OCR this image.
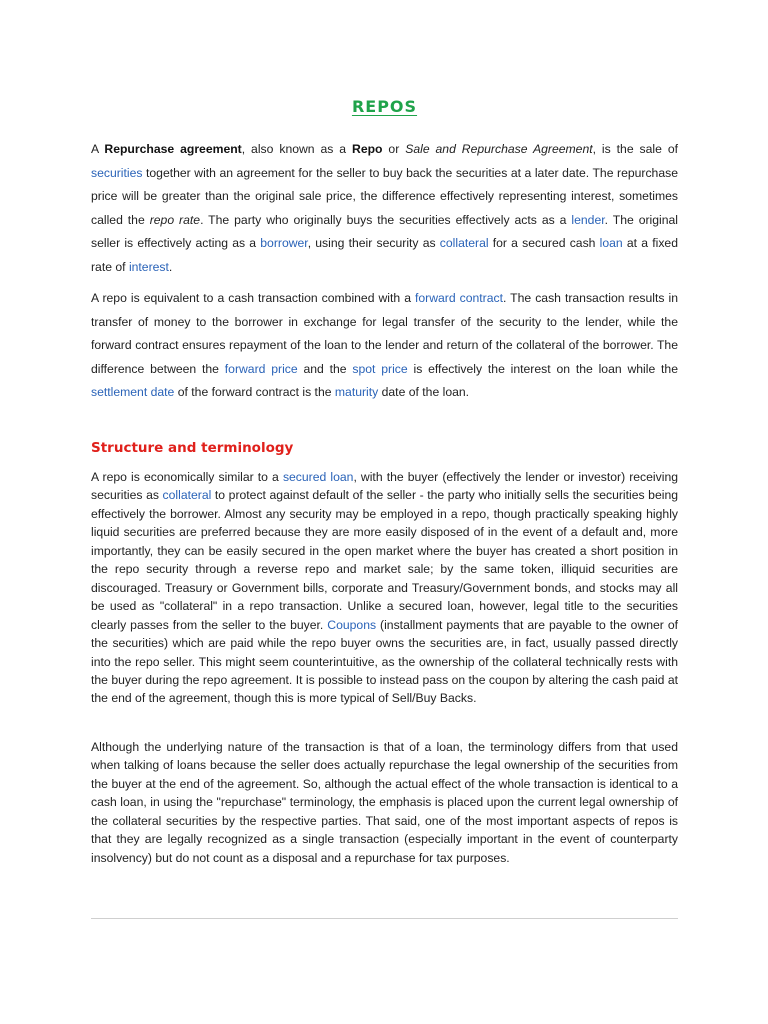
REPOS

A Repurchase agreement, also known as a Repo or Sale and Repurchase Agreement, is the sale of securities together with an agreement for the seller to buy back the securities at a later date. The repurchase price will be greater than the original sale price, the difference effectively representing interest, sometimes called the repo rate. The party who originally buys the securities effectively acts as a lender. The original seller is effectively acting as a borrower, using their security as collateral for a secured cash loan at a fixed rate of interest.

A repo is equivalent to a cash transaction combined with a forward contract. The cash transaction results in transfer of money to the borrower in exchange for legal transfer of the security to the lender, while the forward contract ensures repayment of the loan to the lender and return of the collateral of the borrower. The difference between the forward price and the spot price is effectively the interest on the loan while the settlement date of the forward contract is the maturity date of the loan.

Structure and terminology

A repo is economically similar to a secured loan, with the buyer (effectively the lender or investor) receiving securities as collateral to protect against default of the seller - the party who initially sells the securities being effectively the borrower. Almost any security may be employed in a repo, though practically speaking highly liquid securities are preferred because they are more easily disposed of in the event of a default and, more importantly, they can be easily secured in the open market where the buyer has created a short position in the repo security through a reverse repo and market sale; by the same token, illiquid securities are discouraged. Treasury or Government bills, corporate and Treasury/Government bonds, and stocks may all be used as "collateral" in a repo transaction. Unlike a secured loan, however, legal title to the securities clearly passes from the seller to the buyer. Coupons (installment payments that are payable to the owner of the securities) which are paid while the repo buyer owns the securities are, in fact, usually passed directly into the repo seller. This might seem counterintuitive, as the ownership of the collateral technically rests with the buyer during the repo agreement. It is possible to instead pass on the coupon by altering the cash paid at the end of the agreement, though this is more typical of Sell/Buy Backs.

Although the underlying nature of the transaction is that of a loan, the terminology differs from that used when talking of loans because the seller does actually repurchase the legal ownership of the securities from the buyer at the end of the agreement. So, although the actual effect of the whole transaction is identical to a cash loan, in using the "repurchase" terminology, the emphasis is placed upon the current legal ownership of the collateral securities by the respective parties. That said, one of the most important aspects of repos is that they are legally recognized as a single transaction (especially important in the event of counterparty insolvency) but do not count as a disposal and a repurchase for tax purposes.
